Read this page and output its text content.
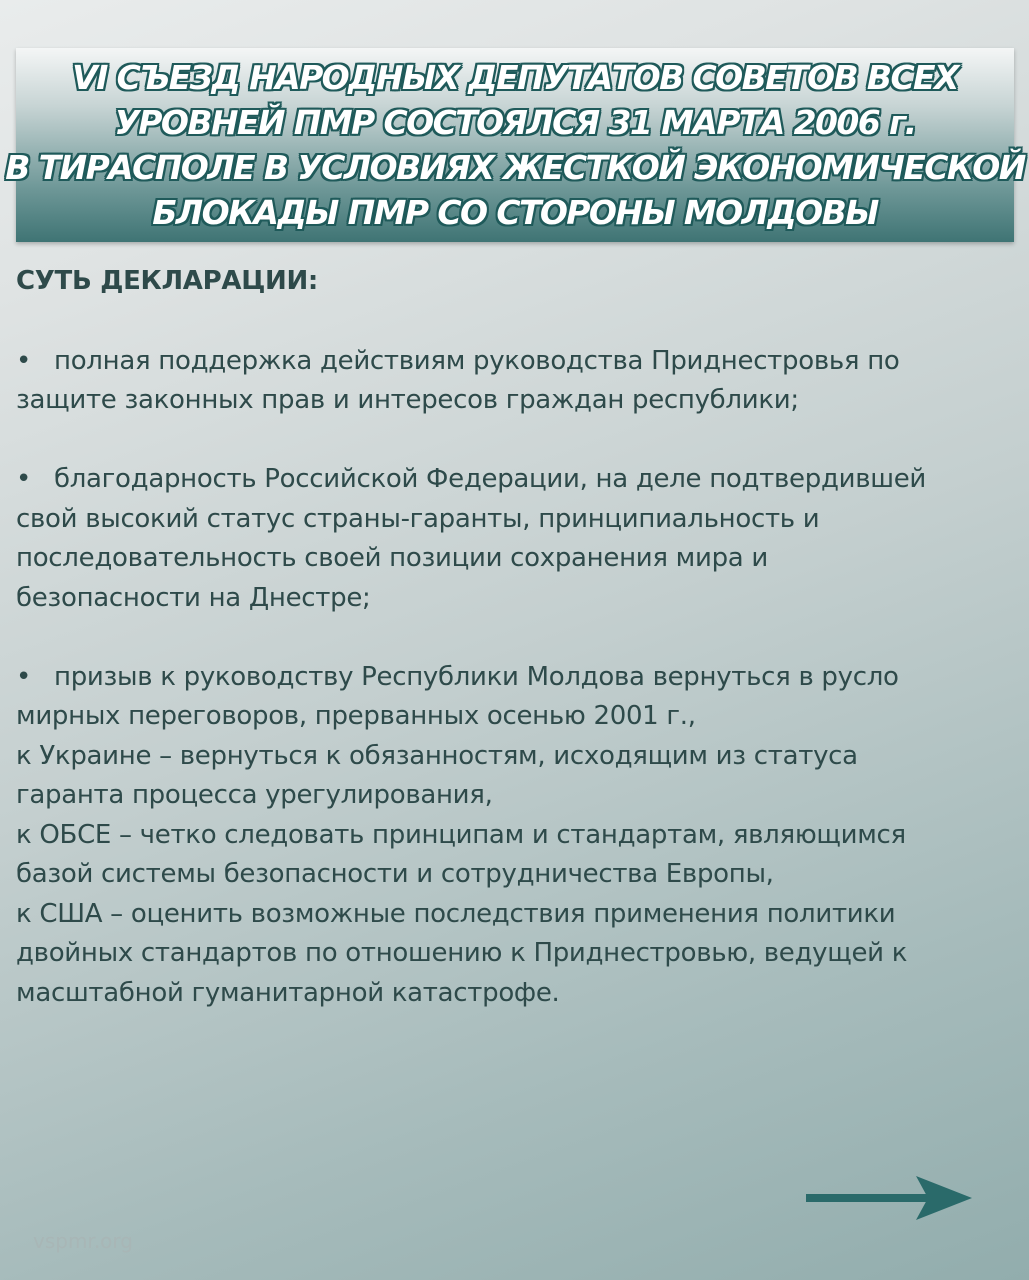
VI СЪЕЗД НАРОДНЫХ ДЕПУТАТОВ СОВЕТОВ ВСЕХ
УРОВНЕЙ ПМР СОСТОЯЛСЯ 31 МАРТА 2006 г.
В ТИРАСПОЛЕ В УСЛОВИЯХ ЖЕСТКОЙ ЭКОНОМИЧЕСКОЙ
БЛОКАДЫ ПМР СО СТОРОНЫ МОЛДОВЫ
СУТЬ ДЕКЛАРАЦИИ:
• полная поддержка действиям руководства Приднестровья по
защите законных прав и интересов граждан республики;
• благодарность Российской Федерации, на деле подтвердившей
свой высокий статус страны-гаранты, принципиальность и
последовательность своей позиции сохранения мира и
безопасности на Днестре;
• призыв к руководству Республики Молдова вернуться в русло
мирных переговоров, прерванных осенью 2001 г.,
к Украине – вернуться к обязанностям, исходящим из статуса
гаранта процесса урегулирования,
к ОБСЕ – четко следовать принципам и стандартам, являющимся
базой системы безопасности и сотрудничества Европы,
к США – оценить возможные последствия применения политики
двойных стандартов по отношению к Приднестровью, ведущей к
масштабной гуманитарной катастрофе.
vspmr.org
